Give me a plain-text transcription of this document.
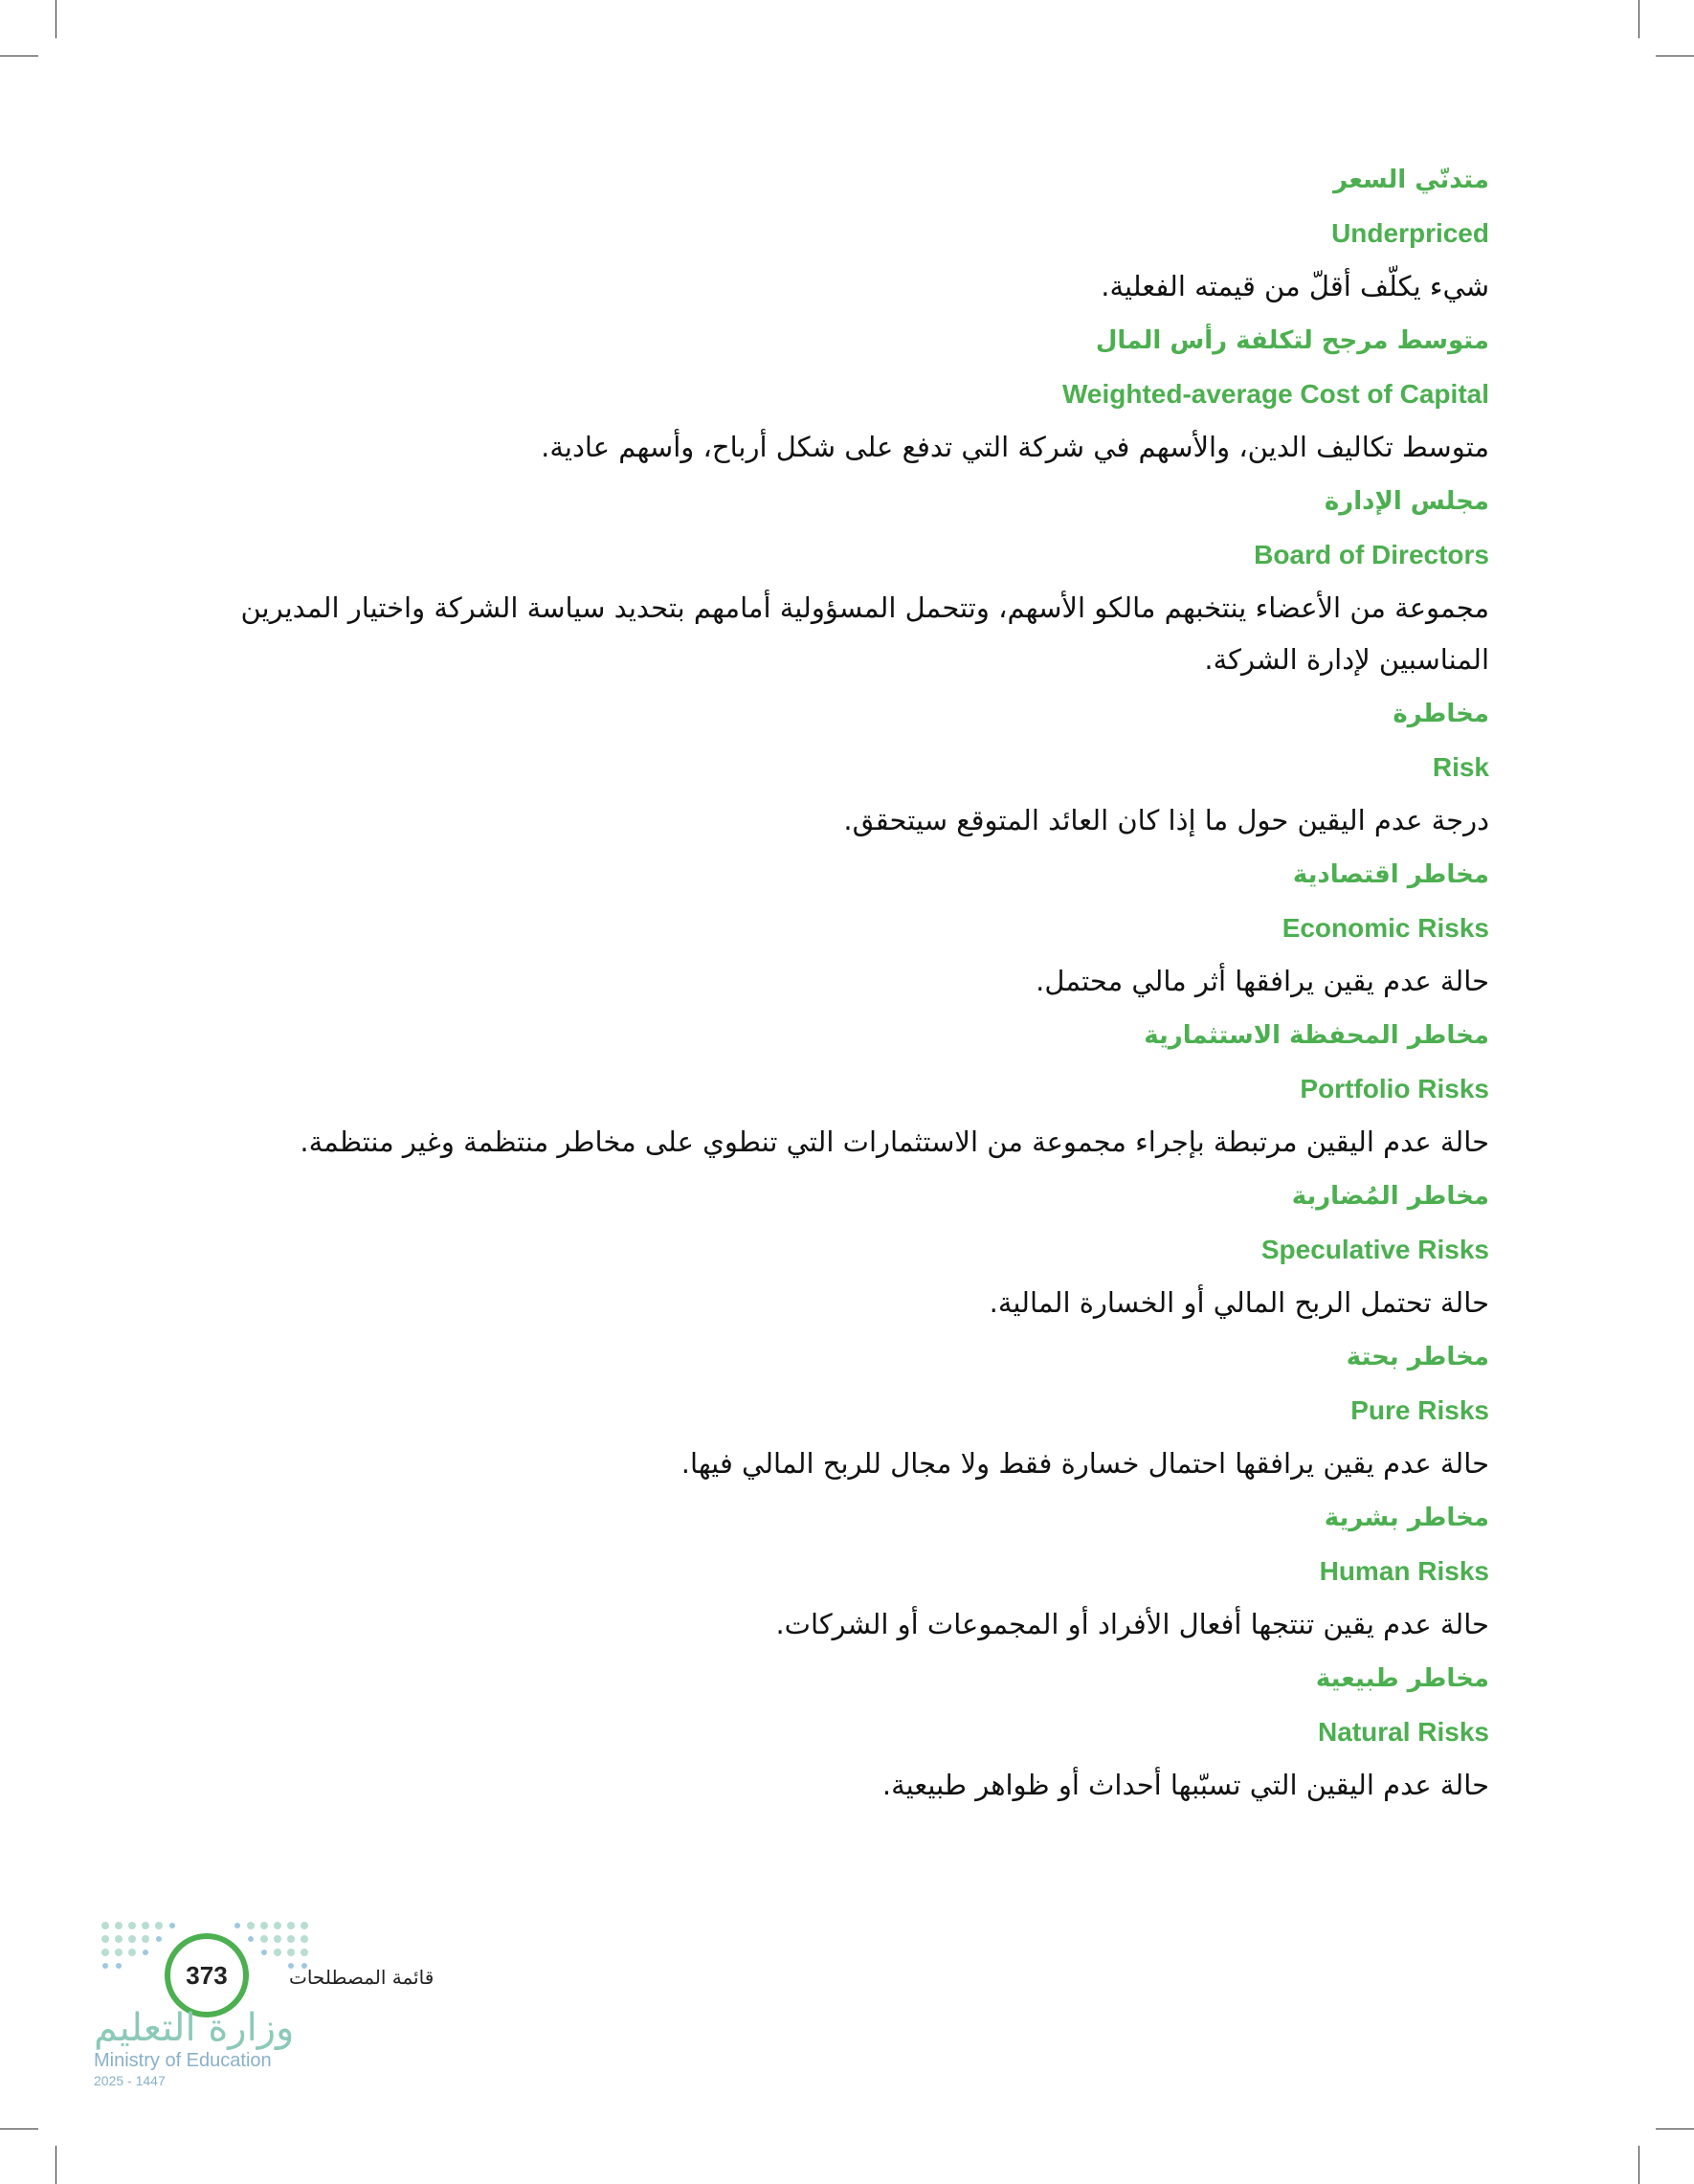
متدنّي السعر
Underpriced
شيء يكلّف أقلّ من قيمته الفعلية.
متوسط مرجح لتكلفة رأس المال
Weighted-average Cost of Capital
متوسط تكاليف الدين، والأسهم في شركة التي تدفع على شكل أرباح، وأسهم عادية.
مجلس الإدارة
Board of Directors
مجموعة من الأعضاء ينتخبهم مالكو الأسهم، وتتحمل المسؤولية أمامهم بتحديد سياسة الشركة واختيار المديرين المناسبين لإدارة الشركة.
مخاطرة
Risk
درجة عدم اليقين حول ما إذا كان العائد المتوقع سيتحقق.
مخاطر اقتصادية
Economic Risks
حالة عدم يقين يرافقها أثر مالي محتمل.
مخاطر المحفظة الاستثمارية
Portfolio Risks
حالة عدم اليقين مرتبطة بإجراء مجموعة من الاستثمارات التي تنطوي على مخاطر منتظمة وغير منتظمة.
مخاطر المُضاربة
Speculative Risks
حالة تحتمل الربح المالي أو الخسارة المالية.
مخاطر بحتة
Pure Risks
حالة عدم يقين يرافقها احتمال خسارة فقط ولا مجال للربح المالي فيها.
مخاطر بشرية
Human Risks
حالة عدم يقين تنتجها أفعال الأفراد أو المجموعات أو الشركات.
مخاطر طبيعية
Natural Risks
حالة عدم اليقين التي تسبّبها أحداث أو ظواهر طبيعية.
373	قائمة المصطلحات
وزارة التعليم
Ministry of Education
2025 - 1447
